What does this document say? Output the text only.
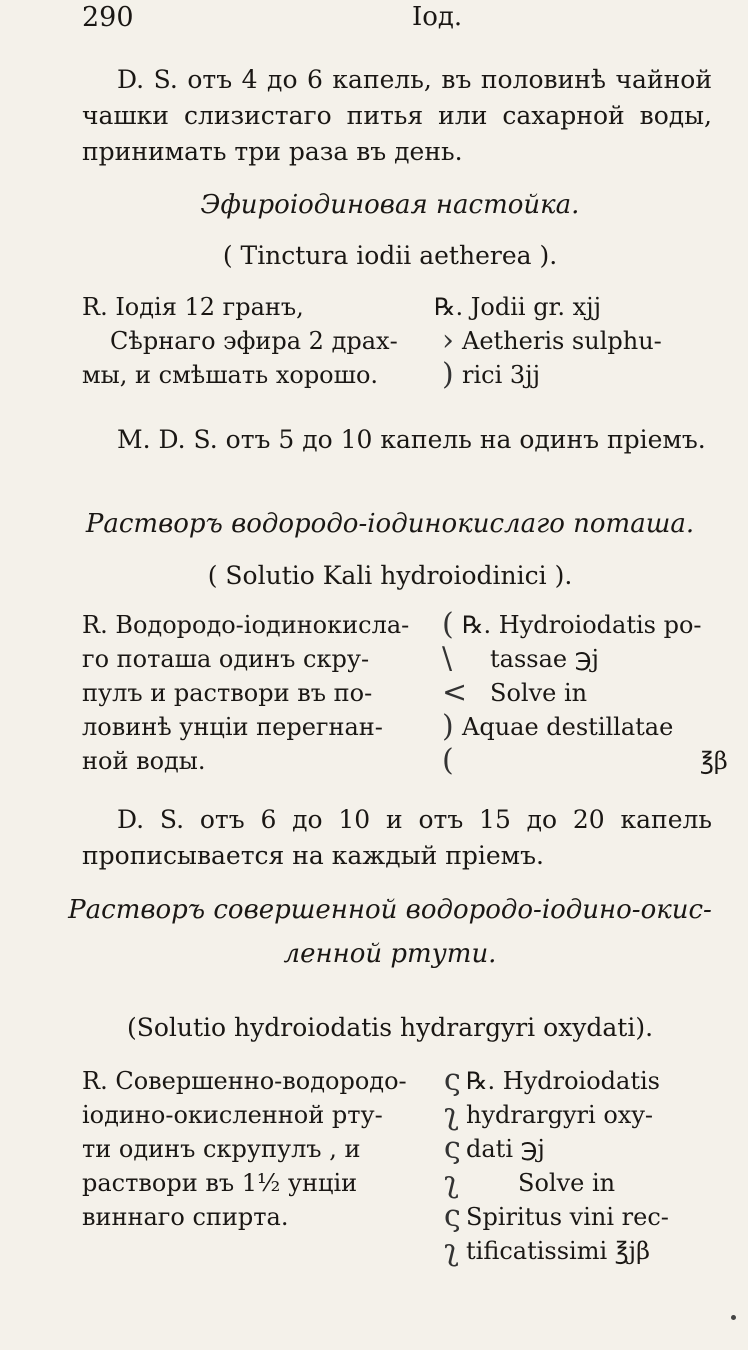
290	Іод.
D. S. отъ 4 до 6 капель, въ половинѣ чайной чашки слизистаго питья или сахарной воды, принимать три раза въ день.
Эфироіодиновая настойка.
( Tinctura iodii aetherea ).
R. Іодія 12 гранъ,
Сѣрнаго эфира 2 драх-
мы, и смѣшать хорошо.

›
)
℞. Jodii gr. xjj
Aetheris sulphu-
rici 3jj
M. D. S. отъ 5 до 10 капель на одинъ пріемъ.
Растворъ водородо-іодинокислаго поташа.
( Solutio Kali hydroiodinici ).
R. Водородо-іодинокисла-
го поташа одинъ скру-
пулъ и раствори въ по-
ловинѣ унціи перегнан-
ной воды.
(
\
<
)
(
℞. Hydroiodatis po-
tassae ℈j
Solve in
Aquae destillatae
℥β
D. S. отъ 6 до 10 и отъ 15 до 20 капель прописывается на каждый пріемъ.
Растворъ совершенной водородо-іодино-окис-
ленной ртути.
(Solutio hydroiodatis hydrargyri oxydati).
R. Совершенно-водородо-
іодино-окисленной рту-
ти одинъ скрупулъ , и
раствори въ 1½ унціи
виннаго спирта.
ς
ʅ
ς
ʅ
ς
ʅ
℞. Hydroiodatis
hydrargyri oxy-
dati ℈j
Solve in
Spiritus vini rec-
tificatissimi ℥jβ
